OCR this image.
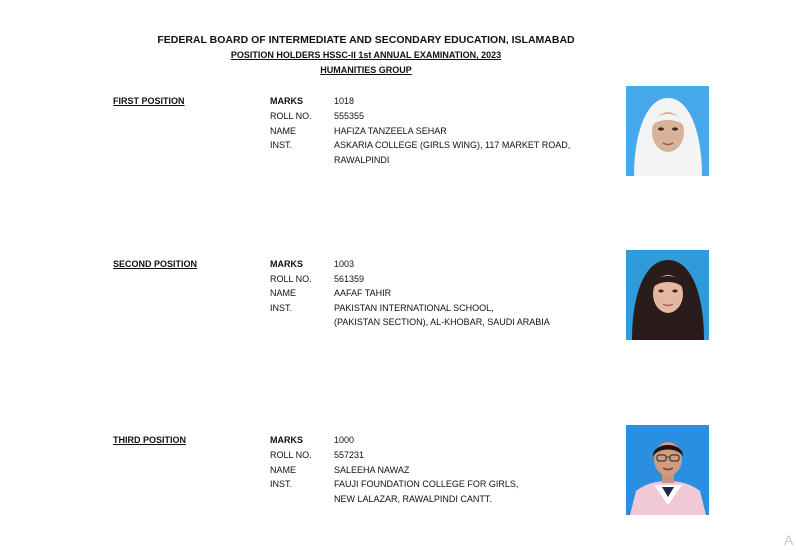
FEDERAL BOARD OF INTERMEDIATE AND SECONDARY EDUCATION, ISLAMABAD
POSITION HOLDERS HSSC-II 1st ANNUAL EXAMINATION, 2023
HUMANITIES GROUP
FIRST POSITION	MARKS	1018
ROLL NO. 555355
NAME	HAFIZA TANZEELA SEHAR
INST.	ASKARIA COLLEGE (GIRLS WING), 117 MARKET ROAD,
RAWALPINDI
SECOND POSITION	MARKS	1003
ROLL NO. 561359
NAME	AAFAF TAHIR
INST.	PAKISTAN INTERNATIONAL SCHOOL,
(PAKISTAN SECTION), AL-KHOBAR, SAUDI ARABIA
THIRD POSITION	MARKS	1000
ROLL NO. 557231
NAME	SALEEHA NAWAZ
INST.	FAUJI FOUNDATION COLLEGE FOR GIRLS,
NEW LALAZAR, RAWALPINDI CANTT.
A
